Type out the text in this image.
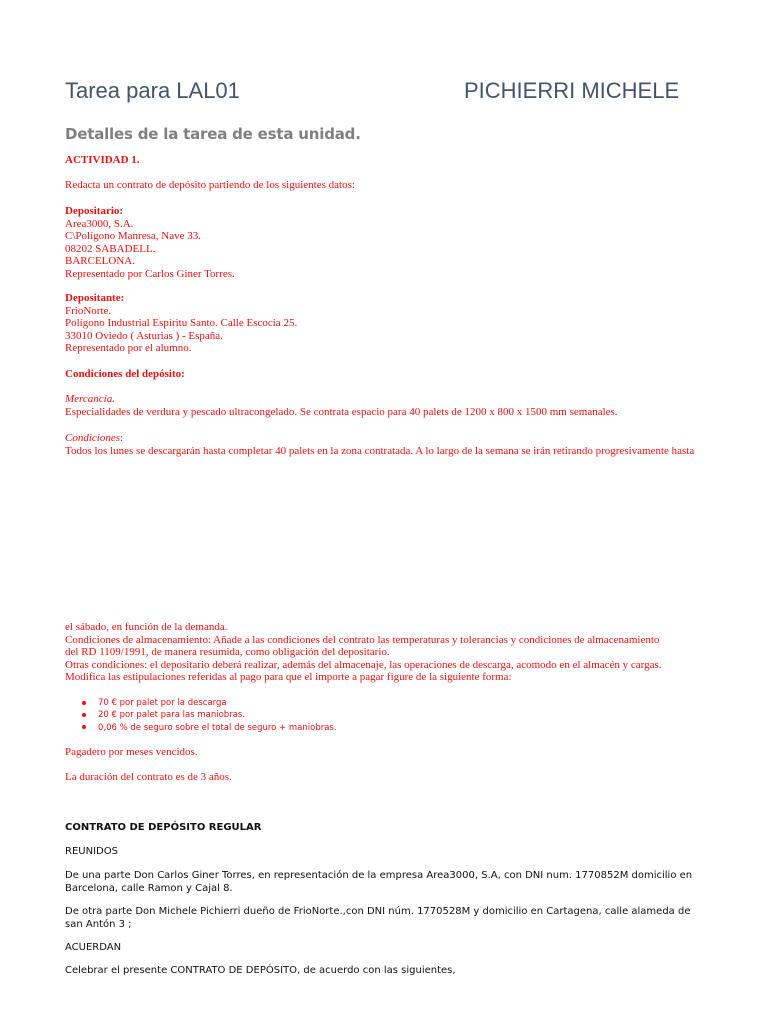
Tarea para LAL01	PICHIERRI MICHELE
Detalles de la tarea de esta unidad.
ACTIVIDAD 1.
Redacta un contrato de depósito partiendo de los siguientes datos:
Depositario:
Area3000, S.A.
C\Polígono Manresa, Nave 33.
08202 SABADELL.
BARCELONA.
Representado por Carlos Giner Torres.
Depositante:
FrioNorte.
Polígono Industrial Espíritu Santo. Calle Escocia 25.
33010 Oviedo ( Asturias ) - España.
Representado por el alumno.
Condiciones del depósito:
Mercancía.
Especialidades de verdura y pescado ultracongelado. Se contrata espacio para 40 palets de 1200 x 800 x 1500 mm semanales.
Condiciones:
Todos los lunes se descargarán hasta completar 40 palets en la zona contratada. A lo largo de la semana se irán retirando progresivamente hasta
el sábado, en función de la demanda.
Condiciones de almacenamiento: Añade a las condiciones del contrato las temperaturas y tolerancias y condiciones de almacenamiento
del RD 1109/1991, de manera resumida, como obligación del depositario.
Otras condiciones: el depositario deberá realizar, además del almacenaje, las operaciones de descarga, acomodo en el almacén y cargas.
Modifica las estipulaciones referidas al pago para que el importe a pagar figure de la siguiente forma:
70 € por palet por la descarga
20 € por palet para las maniobras.
0,06 % de seguro sobre el total de seguro + maniobras.
Pagadero por meses vencidos.
La duración del contrato es de 3 años.
CONTRATO DE DEPÓSITO REGULAR
REUNIDOS
De una parte Don Carlos Giner Torres, en representación de la empresa Area3000, S.A, con DNI num. 1770852M domicilio en Barcelona, calle Ramon y Cajal 8.
De otra parte Don Michele Pichierri dueño de FrioNorte.,con DNI núm. 1770528M y domicilio en Cartagena, calle alameda de san Antón 3 ;
ACUERDAN
Celebrar el presente CONTRATO DE DEPÓSITO, de acuerdo con las siguientes,
